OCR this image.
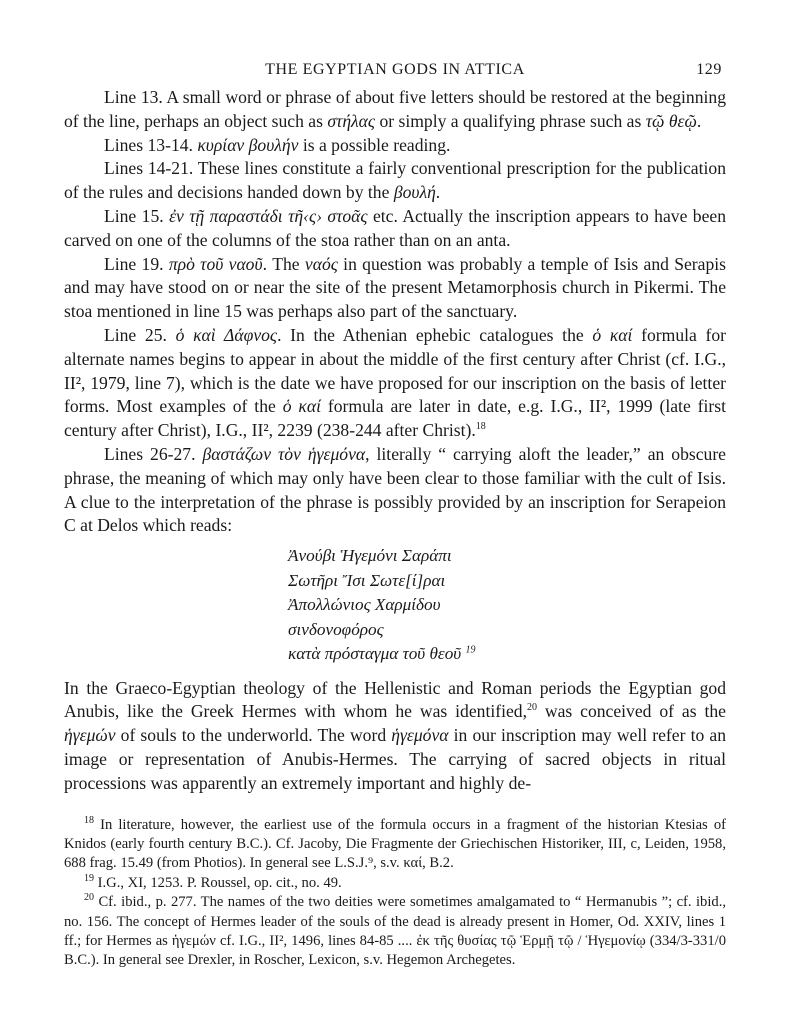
THE EGYPTIAN GODS IN ATTICA	129

Line 13. A small word or phrase of about five letters should be restored at the beginning of the line, perhaps an object such as στήλας or simply a qualifying phrase such as τῷ θεῷ.

Lines 13-14. κυρίαν βουλήν is a possible reading.

Lines 14-21. These lines constitute a fairly conventional prescription for the publication of the rules and decisions handed down by the βουλή.

Line 15. ἐν τῇ παραστάδι τῆ‹ς› στοᾶς etc. Actually the inscription appears to have been carved on one of the columns of the stoa rather than on an anta.

Line 19. πρὸ τοῦ ναοῦ. The ναός in question was probably a temple of Isis and Serapis and may have stood on or near the site of the present Metamorphosis church in Pikermi. The stoa mentioned in line 15 was perhaps also part of the sanctuary.

Line 25. ὁ καὶ Δάφνος. In the Athenian ephebic catalogues the ὁ καί formula for alternate names begins to appear in about the middle of the first century after Christ (cf. I.G., II², 1979, line 7), which is the date we have proposed for our inscription on the basis of letter forms. Most examples of the ὁ καί formula are later in date, e.g. I.G., II², 1999 (late first century after Christ), I.G., II², 2239 (238-244 after Christ).$^{18}$

Lines 26-27. βαστάζων τὸν ἡγεμόνα, literally “ carrying aloft the leader,” an obscure phrase, the meaning of which may only have been clear to those familiar with the cult of Isis. A clue to the interpretation of the phrase is possibly provided by an inscription for Serapeion C at Delos which reads:

Ἀνούβι Ἡγεμόνι Σαράπι
Σωτῆρι Ἴσι Σωτε[ί]ραι
Ἀπολλώνιος Χαρμίδου
σινδονοφόρος
κατὰ πρόσταγμα τοῦ θεοῦ $^{19}$

In the Graeco-Egyptian theology of the Hellenistic and Roman periods the Egyptian god Anubis, like the Greek Hermes with whom he was identified,$^{20}$ was conceived of as the ἡγεμών of souls to the underworld. The word ἡγεμόνα in our inscription may well refer to an image or representation of Anubis-Hermes. The carrying of sacred objects in ritual processions was apparently an extremely important and highly de-

$^{18}$ In literature, however, the earliest use of the formula occurs in a fragment of the historian Ktesias of Knidos (early fourth century B.C.). Cf. Jacoby, Die Fragmente der Griechischen Historiker, III, c, Leiden, 1958, 688 frag. 15.49 (from Photios). In general see L.S.J.⁹, s.v. καί, B.2.

$^{19}$ I.G., XI, 1253. P. Roussel, op. cit., no. 49.

$^{20}$ Cf. ibid., p. 277. The names of the two deities were sometimes amalgamated to “ Hermanubis ”; cf. ibid., no. 156. The concept of Hermes leader of the souls of the dead is already present in Homer, Od. XXIV, lines 1 ff.; for Hermes as ἡγεμών cf. I.G., II², 1496, lines 84-85 .... ἐκ τῆς θυσίας τῷ Ἑρμῇ τῷ / Ἡγεμονίῳ (334/3-331/0 B.C.). In general see Drexler, in Roscher, Lexicon, s.v. Hegemon Archegetes.
